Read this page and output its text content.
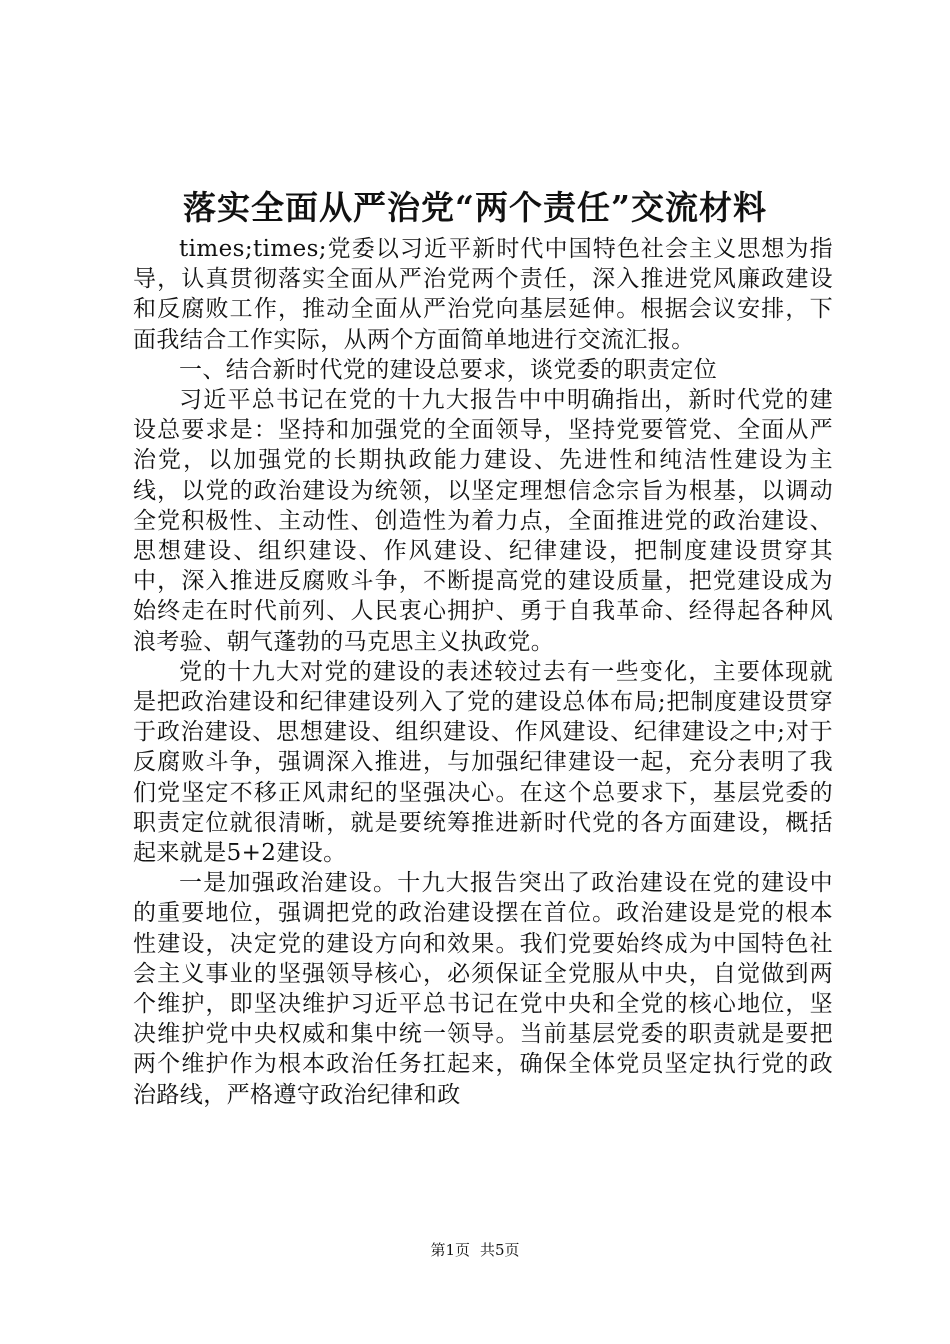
落实全面从严治党“两个责任”交流材料

times;times;党委以习近平新时代中国特色社会主义思想为指导，认真贯彻落实全面从严治党两个责任，深入推进党风廉政建设和反腐败工作，推动全面从严治党向基层延伸。根据会议安排，下面我结合工作实际，从两个方面简单地进行交流汇报。

一、结合新时代党的建设总要求，谈党委的职责定位

习近平总书记在党的十九大报告中中明确指出，新时代党的建设总要求是：坚持和加强党的全面领导，坚持党要管党、全面从严治党，以加强党的长期执政能力建设、先进性和纯洁性建设为主线，以党的政治建设为统领，以坚定理想信念宗旨为根基，以调动全党积极性、主动性、创造性为着力点，全面推进党的政治建设、思想建设、组织建设、作风建设、纪律建设，把制度建设贯穿其中，深入推进反腐败斗争，不断提高党的建设质量，把党建设成为始终走在时代前列、人民衷心拥护、勇于自我革命、经得起各种风浪考验、朝气蓬勃的马克思主义执政党。

党的十九大对党的建设的表述较过去有一些变化，主要体现就是把政治建设和纪律建设列入了党的建设总体布局;把制度建设贯穿于政治建设、思想建设、组织建设、作风建设、纪律建设之中;对于反腐败斗争，强调深入推进，与加强纪律建设一起，充分表明了我们党坚定不移正风肃纪的坚强决心。在这个总要求下，基层党委的职责定位就很清晰，就是要统筹推进新时代党的各方面建设，概括起来就是5+2建设。

一是加强政治建设。十九大报告突出了政治建设在党的建设中的重要地位，强调把党的政治建设摆在首位。政治建设是党的根本性建设，决定党的建设方向和效果。我们党要始终成为中国特色社会主义事业的坚强领导核心，必须保证全党服从中央，自觉做到两个维护，即坚决维护习近平总书记在党中央和全党的核心地位，坚决维护党中央权威和集中统一领导。当前基层党委的职责就是要把两个维护作为根本政治任务扛起来，确保全体党员坚定执行党的政治路线，严格遵守政治纪律和政

第1页 共5页
